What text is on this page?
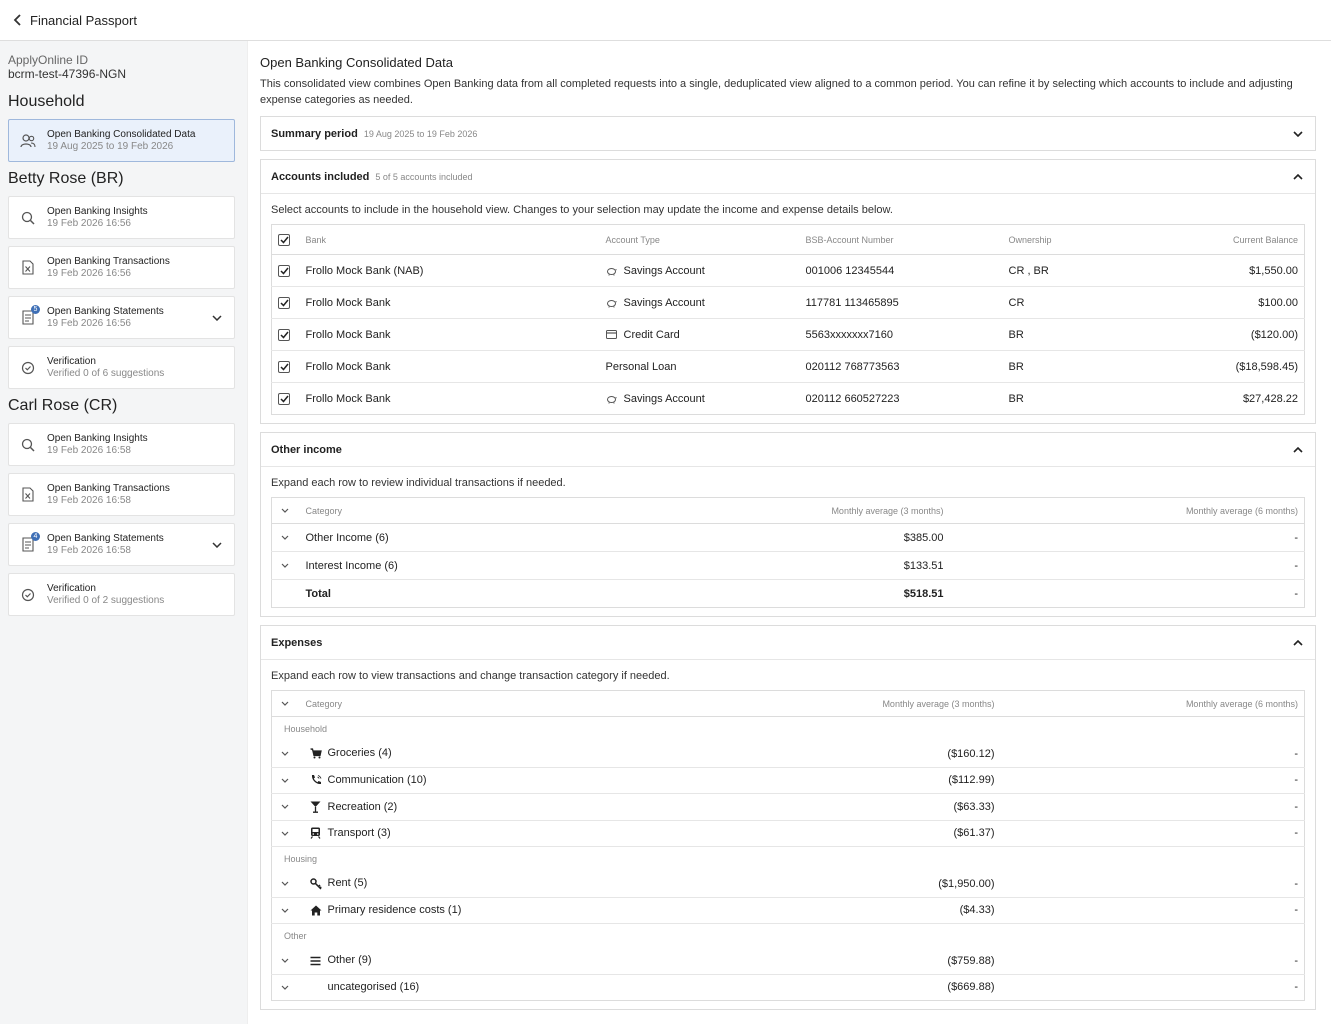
Financial Passport
ApplyOnline ID
bcrm-test-47396-NGN
Household
Open Banking Consolidated Data
19 Aug 2025 to 19 Feb 2026
Betty Rose (BR)
Open Banking Insights
19 Feb 2026 16:56
Open Banking Transactions
19 Feb 2026 16:56
5 Open Banking Statements
19 Feb 2026 16:56
Verification
Verified 0 of 6 suggestions
Carl Rose (CR)
Open Banking Insights
19 Feb 2026 16:58
Open Banking Transactions
19 Feb 2026 16:58
4 Open Banking Statements
19 Feb 2026 16:58
Verification
Verified 0 of 2 suggestions
Open Banking Consolidated Data

This consolidated view combines Open Banking data from all completed requests into a single, deduplicated view aligned to a common period. You can refine it by selecting which accounts to include and adjusting expense categories as needed.

Summary period 19 Aug 2025 to 19 Feb 2026
Accounts included 5 of 5 accounts included
Select accounts to include in the household view. Changes to your selection may update the income and expense details below.
	Bank	Account Type	BSB-Account Number	Ownership	Current Balance

	Frollo Mock Bank (NAB)	Savings Account	001006 12345544	CR , BR	$1,550.00

	Frollo Mock Bank	Savings Account	117781 113465895	CR	$100.00

	Frollo Mock Bank	Credit Card	5563xxxxxxx7160	BR	($120.00)

	Frollo Mock Bank	Personal Loan	020112 768773563	BR	($18,598.45)

	Frollo Mock Bank	Savings Account	020112 660527223	BR	$27,428.22
Other income
Expand each row to review individual transactions if needed.
	Category	Monthly average (3 months)	Monthly average (6 months)

	Other Income (6)	$385.00	-

	Interest Income (6)	$133.51	-
	Total	$518.51	-
Expenses
Expand each row to view transactions and change transaction category if needed.
	Category	Monthly average (3 months)	Monthly average (6 months)
Household			

Groceries (4)	($160.12)	-

Communication (10)	($112.99)	-

Recreation (2)	($63.33)	-

Transport (3)	($61.37)	-
Housing			

Rent (5)	($1,950.00)	-

Primary residence costs (1)	($4.33)	-
Other			

Other (9)	($759.88)	-

	uncategorised (16)	($669.88)	-
